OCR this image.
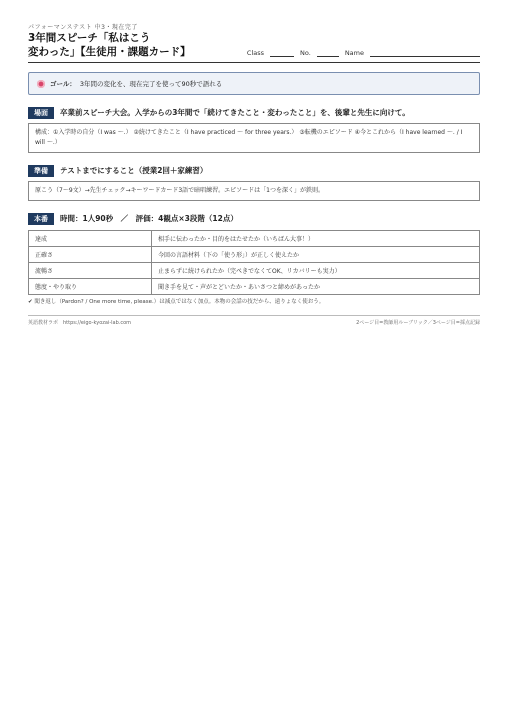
パフォーマンステスト 中3・現在完了
3年間スピーチ「私はこう
変わった」【生徒用・課題カード】	Class	No.	Name
ゴール： 3年間の変化を、現在完了を使って90秒で語れる
場面	卒業前スピーチ大会。入学からの3年間で「続けてきたこと・変わったこと」を、後輩と先生に向けて。
構成：①入学時の自分（I was ～.） ②続けてきたこと（I have practiced ～ for three years.） ③転機のエピソード ④今とこれから（I have learned ～. / I will ～.）
準備	テストまでにすること（授業2回＋家練習）
原こう（7～9文）→先生チェック→キーワードカード3語で暗唱練習。エピソードは「1つを深く」が鉄則。
本番	時間：1人90秒　／　評価：4観点×3段階（12点）
達成	相手に伝わったか・目的をはたせたか（いちばん大事！）
正確さ	今回の言語材料（下の「使う形」）が正しく使えたか
流暢さ	止まらずに続けられたか（完ぺきでなくてOK、リカバリーも実力）
態度・やり取り	聞き手を見て・声がとどいたか・あいさつと締めがあったか
✔ 聞き返し（Pardon? / One more time, please.）は減点ではなく加点。本物の会話の技だから、遠りょなく使おう。
英語教材ラボ　https://eigo-kyozai-lab.com	2ページ目=教師用ルーブリック／3ページ目=採点記録
